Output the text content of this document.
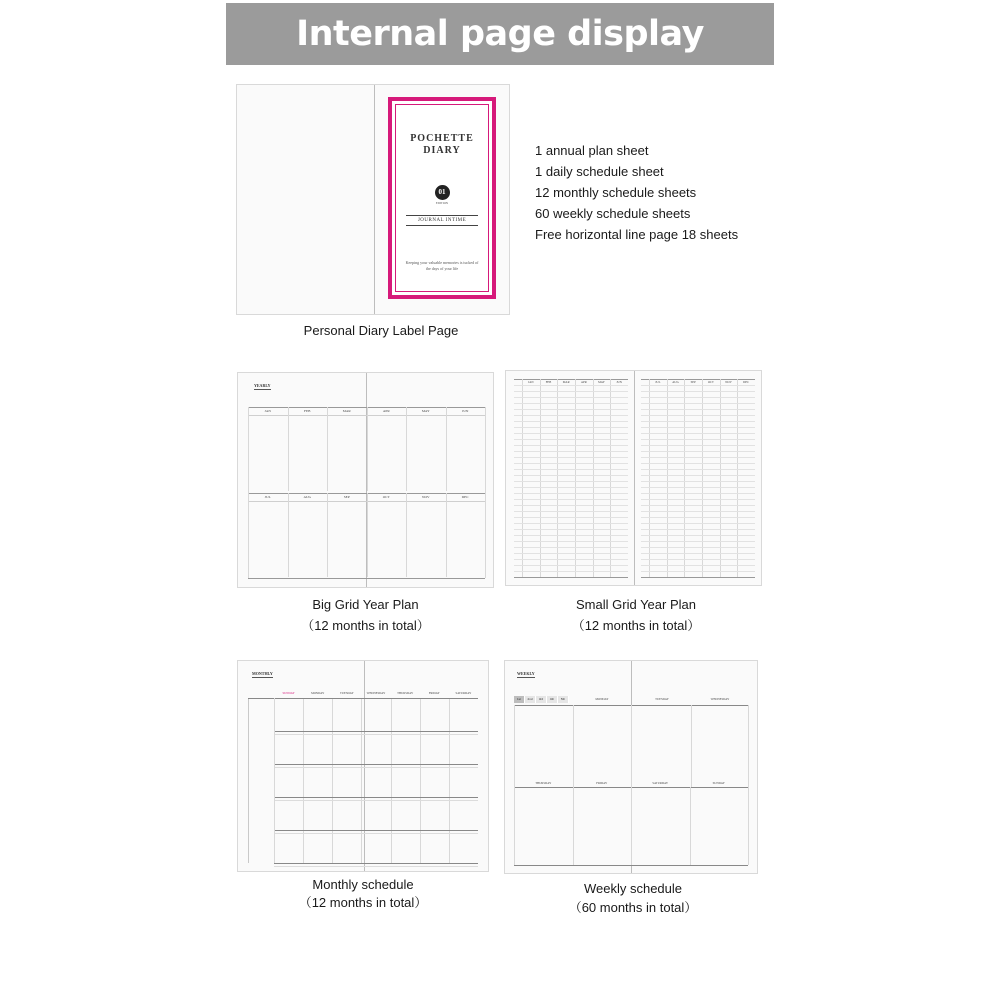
Internal page display
POCHETTE
DIARY
01
EDITION
JOURNAL INTIME
Keeping your valuable memories is tucked of the days of your life
1 annual plan sheet
1 daily schedule sheet
12 monthly schedule sheets
60 weekly schedule sheets
Free horizontal line page 18 sheets
Personal Diary Label Page
YEARLY
JAN	FEB	MAR	APR	MAY	JUN
JUL	AUG	SEP	OCT	NOV	DEC
Big Grid Year Plan
（12 months in total）
JAN	FEB	MAR	APR	MAY	JUN	JUL	AUG	SEP	OCT	NOV	DEC
Small Grid Year Plan
（12 months in total）
MONTHLY
SUNDAY	MONDAY	TUESDAY	WEDNESDAY	THURSDAY	FRIDAY	SATURDAY
Monthly schedule
（12 months in total）
WEEKLY
1st	2nd	3rd	4th	5th	MONDAY	TUESDAY	WEDNESDAY
THURSDAY	FRIDAY	SATURDAY	SUNDAY
Weekly schedule
（60 months in total）
